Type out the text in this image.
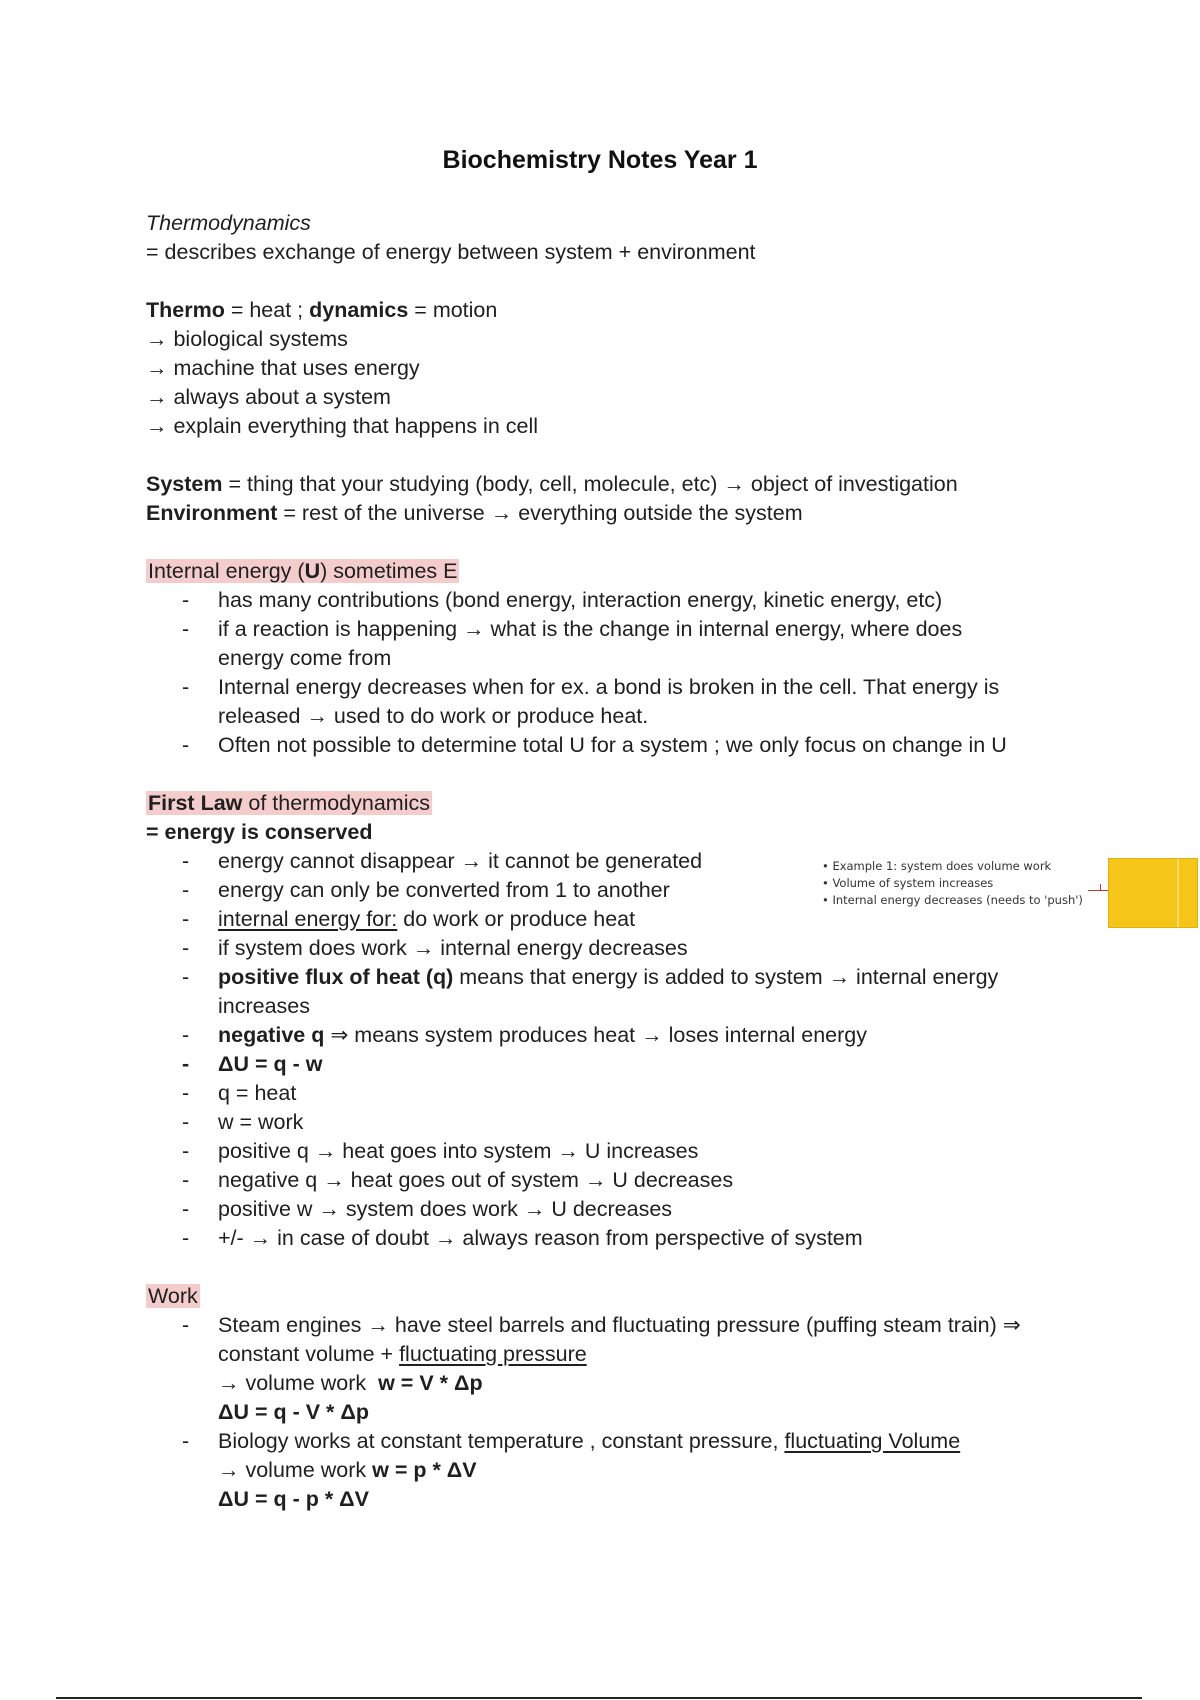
Biochemistry Notes Year 1
Thermodynamics
= describes exchange of energy between system + environment
Thermo = heat ; dynamics = motion
→ biological systems
→ machine that uses energy
→ always about a system
→ explain everything that happens in cell
System = thing that your studying (body, cell, molecule, etc) → object of investigation
Environment = rest of the universe → everything outside the system
Internal energy (U) sometimes E
- has many contributions (bond energy, interaction energy, kinetic energy, etc)
- if a reaction is happening → what is the change in internal energy, where does
energy come from
- Internal energy decreases when for ex. a bond is broken in the cell. That energy is
released → used to do work or produce heat.
- Often not possible to determine total U for a system ; we only focus on change in U
First Law of thermodynamics
= energy is conserved
- energy cannot disappear → it cannot be generated
- energy can only be converted from 1 to another
- internal energy for: do work or produce heat
- if system does work → internal energy decreases
- positive flux of heat (q) means that energy is added to system → internal energy
increases
- negative q ⇒ means system produces heat → loses internal energy
- ΔU = q - w
- q = heat
- w = work
- positive q → heat goes into system → U increases
- negative q → heat goes out of system → U decreases
- positive w → system does work → U decreases
- +/- → in case of doubt → always reason from perspective of system
Work
- Steam engines → have steel barrels and fluctuating pressure (puffing steam train) ⇒
constant volume + fluctuating pressure
→ volume work  w = V * Δp
ΔU = q - V * Δp
- Biology works at constant temperature , constant pressure, fluctuating Volume
→ volume work w = p * ΔV
ΔU = q - p * ΔV
• Example 1: system does volume work
• Volume of system increases
• Internal energy decreases (needs to 'push')
